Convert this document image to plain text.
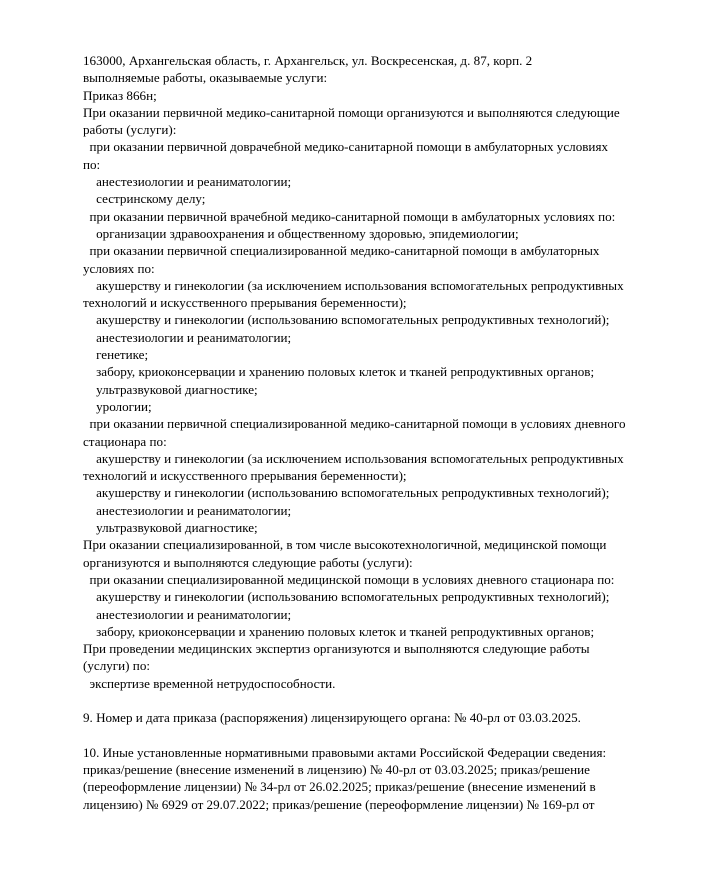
163000, Архангельская область, г. Архангельск, ул. Воскресенская, д. 87, корп. 2
выполняемые работы, оказываемые услуги:
Приказ 866н;
При оказании первичной медико-санитарной помощи организуются и выполняются следующие
работы (услуги):
при оказании первичной доврачебной медико-санитарной помощи в амбулаторных условиях
по:
анестезиологии и реаниматологии;
сестринскому делу;
при оказании первичной врачебной медико-санитарной помощи в амбулаторных условиях по:
организации здравоохранения и общественному здоровью, эпидемиологии;
при оказании первичной специализированной медико-санитарной помощи в амбулаторных
условиях по:
акушерству и гинекологии (за исключением использования вспомогательных репродуктивных
технологий и искусственного прерывания беременности);
акушерству и гинекологии (использованию вспомогательных репродуктивных технологий);
анестезиологии и реаниматологии;
генетике;
забору, криоконсервации и хранению половых клеток и тканей репродуктивных органов;
ультразвуковой диагностике;
урологии;
при оказании первичной специализированной медико-санитарной помощи в условиях дневного
стационара по:
акушерству и гинекологии (за исключением использования вспомогательных репродуктивных
технологий и искусственного прерывания беременности);
акушерству и гинекологии (использованию вспомогательных репродуктивных технологий);
анестезиологии и реаниматологии;
ультразвуковой диагностике;
При оказании специализированной, в том числе высокотехнологичной, медицинской помощи
организуются и выполняются следующие работы (услуги):
при оказании специализированной медицинской помощи в условиях дневного стационара по:
акушерству и гинекологии (использованию вспомогательных репродуктивных технологий);
анестезиологии и реаниматологии;
забору, криоконсервации и хранению половых клеток и тканей репродуктивных органов;
При проведении медицинских экспертиз организуются и выполняются следующие работы
(услуги) по:
экспертизе временной нетрудоспособности.
9. Номер и дата приказа (распоряжения) лицензирующего органа: № 40-рл от 03.03.2025.
10. Иные установленные нормативными правовыми актами Российской Федерации сведения:
приказ/решение (внесение изменений в лицензию) № 40-рл от 03.03.2025; приказ/решение
(переоформление лицензии) № 34-рл от 26.02.2025; приказ/решение (внесение изменений в
лицензию) № 6929 от 29.07.2022; приказ/решение (переоформление лицензии) № 169-рл от
